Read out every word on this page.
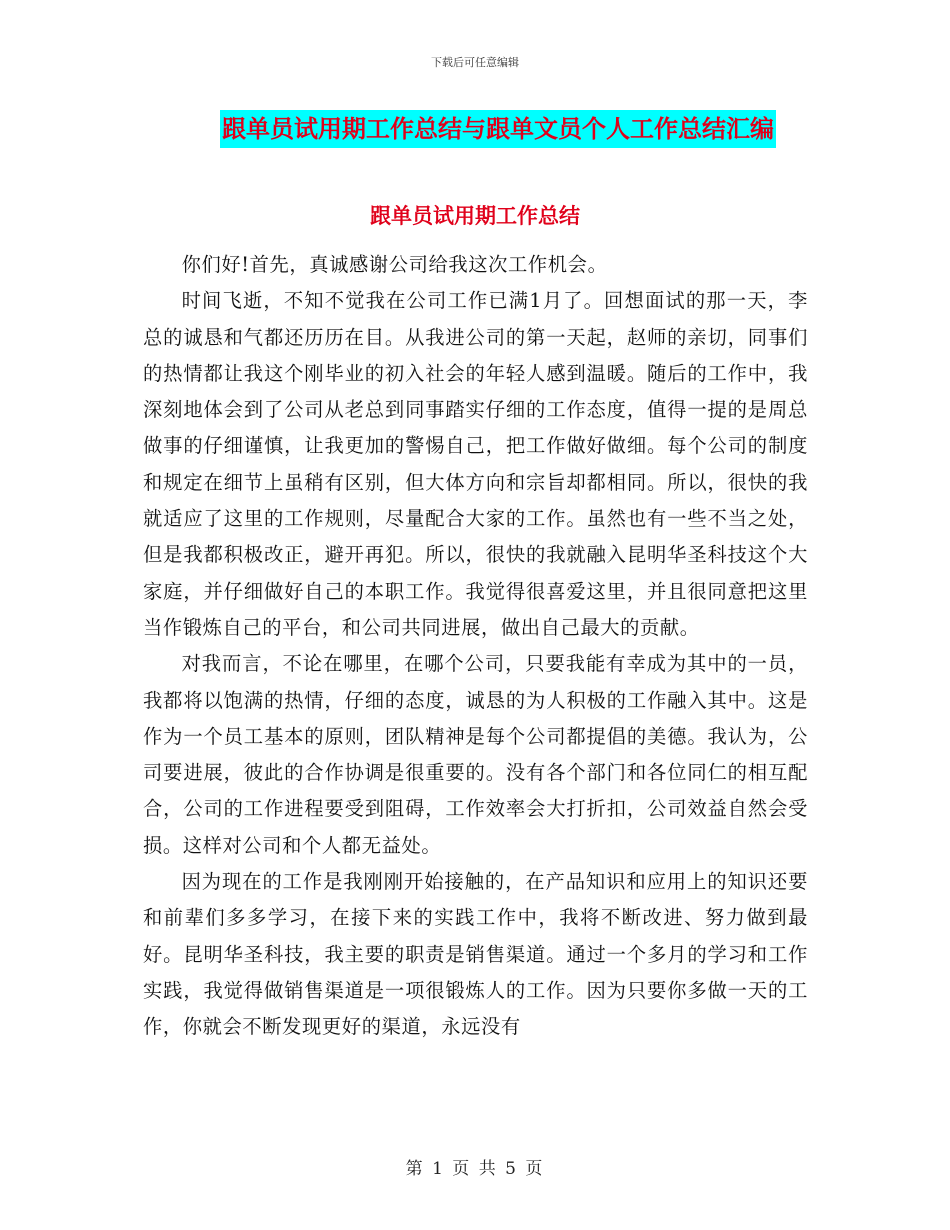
下载后可任意编辑
跟单员试用期工作总结与跟单文员个人工作总结汇编
跟单员试用期工作总结

你们好!首先，真诚感谢公司给我这次工作机会。

时间飞逝，不知不觉我在公司工作已满1月了。回想面试的那一天，李总的诚恳和气都还历历在目。从我进公司的第一天起，赵师的亲切，同事们的热情都让我这个刚毕业的初入社会的年轻人感到温暖。随后的工作中，我深刻地体会到了公司从老总到同事踏实仔细的工作态度，值得一提的是周总做事的仔细谨慎，让我更加的警惕自己，把工作做好做细。每个公司的制度和规定在细节上虽稍有区别，但大体方向和宗旨却都相同。所以，很快的我就适应了这里的工作规则，尽量配合大家的工作。虽然也有一些不当之处，但是我都积极改正，避开再犯。所以，很快的我就融入昆明华圣科技这个大家庭，并仔细做好自己的本职工作。我觉得很喜爱这里，并且很同意把这里当作锻炼自己的平台，和公司共同进展，做出自己最大的贡献。

对我而言，不论在哪里，在哪个公司，只要我能有幸成为其中的一员，我都将以饱满的热情，仔细的态度，诚恳的为人积极的工作融入其中。这是作为一个员工基本的原则，团队精神是每个公司都提倡的美德。我认为，公司要进展，彼此的合作协调是很重要的。没有各个部门和各位同仁的相互配合，公司的工作进程要受到阻碍，工作效率会大打折扣，公司效益自然会受损。这样对公司和个人都无益处。

因为现在的工作是我刚刚开始接触的，在产品知识和应用上的知识还要和前辈们多多学习，在接下来的实践工作中，我将不断改进、努力做到最好。昆明华圣科技，我主要的职责是销售渠道。通过一个多月的学习和工作实践，我觉得做销售渠道是一项很锻炼人的工作。因为只要你多做一天的工作，你就会不断发现更好的渠道，永远没有

第 1 页 共 5 页
